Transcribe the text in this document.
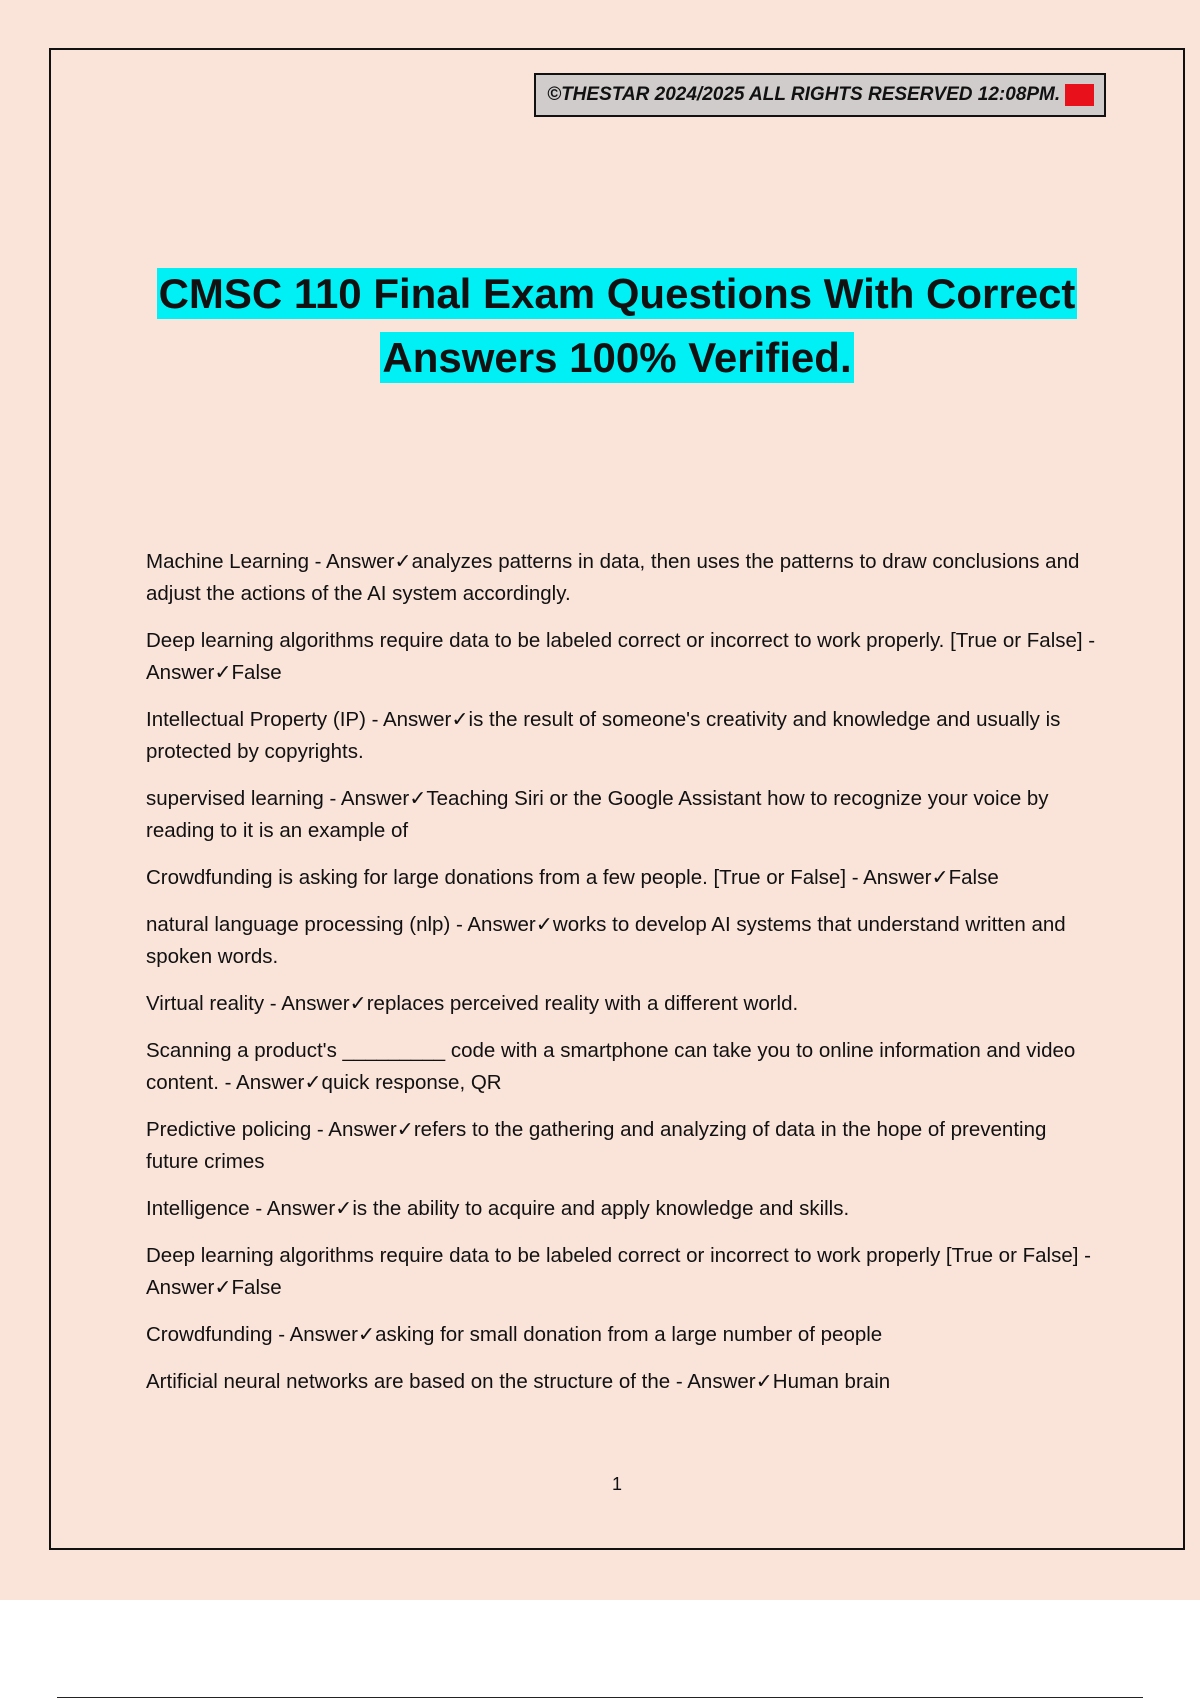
©THESTAR 2024/2025 ALL RIGHTS RESERVED 12:08PM. A+
CMSC 110 Final Exam Questions With Correct
Answers 100% Verified.
Machine Learning - Answer✓analyzes patterns in data, then uses the patterns to draw conclusions and adjust the actions of the AI system accordingly.
Deep learning algorithms require data to be labeled correct or incorrect to work properly. [True or False] - Answer✓False
Intellectual Property (IP) - Answer✓is the result of someone's creativity and knowledge and usually is protected by copyrights.
supervised learning - Answer✓Teaching Siri or the Google Assistant how to recognize your voice by reading to it is an example of
Crowdfunding is asking for large donations from a few people. [True or False] - Answer✓False
natural language processing (nlp) - Answer✓works to develop AI systems that understand written and spoken words.
Virtual reality - Answer✓replaces perceived reality with a different world.
Scanning a product's _________ code with a smartphone can take you to online information and video content. - Answer✓quick response, QR
Predictive policing - Answer✓refers to the gathering and analyzing of data in the hope of preventing future crimes
Intelligence - Answer✓is the ability to acquire and apply knowledge and skills.
Deep learning algorithms require data to be labeled correct or incorrect to work properly [True or False] - Answer✓False
Crowdfunding - Answer✓asking for small donation from a large number of people
Artificial neural networks are based on the structure of the - Answer✓Human brain
1
